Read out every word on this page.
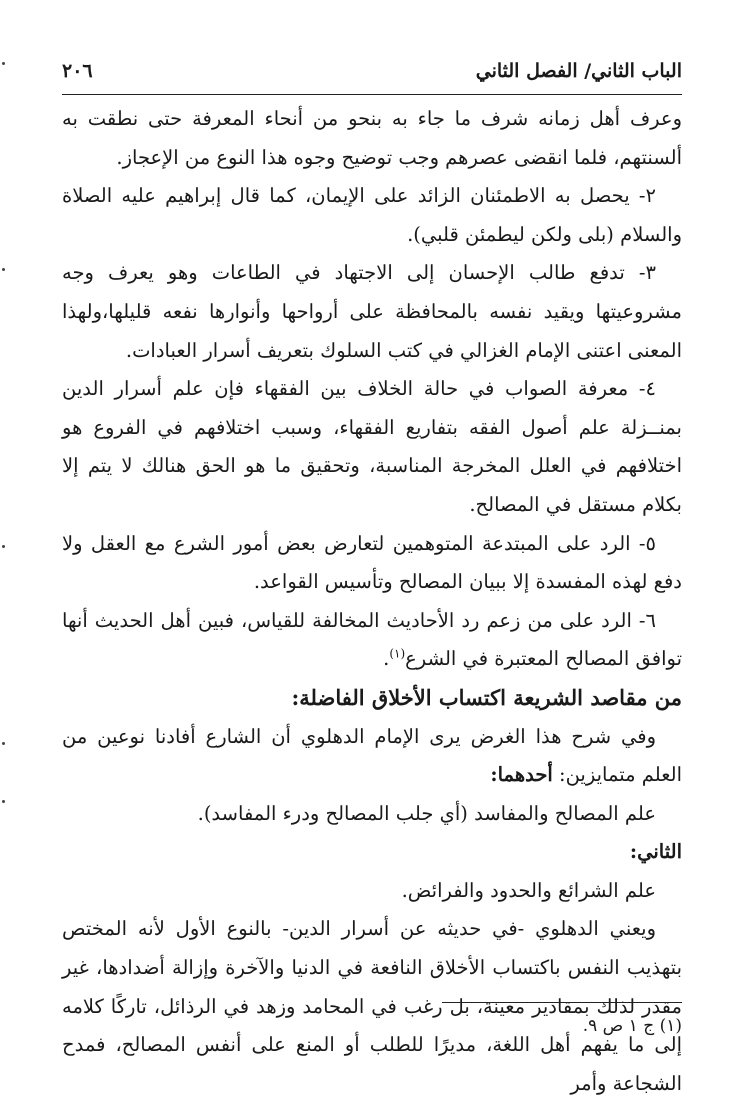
الباب الثاني/ الفصل الثاني
٢٠٦

وعرف أهل زمانه شرف ما جاء به بنحو من أنحاء المعرفة حتى نطقت به ألسنتهم، فلما انقضى عصرهم وجب توضيح وجوه هذا النوع من الإعجاز.

٢- يحصل به الاطمئنان الزائد على الإيمان، كما قال إبراهيم عليه الصلاة والسلام (بلى ولكن ليطمئن قلبي).

٣- تدفع طالب الإحسان إلى الاجتهاد في الطاعات وهو يعرف وجه مشروعيتها ويقيد نفسه بالمحافظة على أرواحها وأنوارها نفعه قليلها،ولهذا المعنى اعتنى الإمام الغزالي في كتب السلوك بتعريف أسرار العبادات.

٤- معرفة الصواب في حالة الخلاف بين الفقهاء فإن علم أسرار الدين بمنــزلة علم أصول الفقه بتفاريع الفقهاء، وسبب اختلافهم في الفروع هو اختلافهم في العلل المخرجة المناسبة، وتحقيق ما هو الحق هنالك لا يتم إلا بكلام مستقل في المصالح.

٥- الرد على المبتدعة المتوهمين لتعارض بعض أمور الشرع مع العقل ولا دفع لهذه المفسدة إلا ببيان المصالح وتأسيس القواعد.

٦- الرد على من زعم رد الأحاديث المخالفة للقياس، فبين أهل الحديث أنها توافق المصالح المعتبرة في الشرع$^{(١)}$.

من مقاصد الشريعة اكتساب الأخلاق الفاضلة:

وفي شرح هذا الغرض يرى الإمام الدهلوي أن الشارع أفادنا نوعين من العلم متمايزين: أحدهما:

علم المصالح والمفاسد (أي جلب المصالح ودرء المفاسد).

الثاني:

علم الشرائع والحدود والفرائض.

ويعني الدهلوي -في حديثه عن أسرار الدين- بالنوع الأول لأنه المختص بتهذيب النفس باكتساب الأخلاق النافعة في الدنيا والآخرة وإزالة أضدادها، غير مقدر لذلك بمقادير معينة، بل رغب في المحامد وزهد في الرذائل، تاركًا كلامه إلى ما يفهم أهل اللغة، مديرًا للطلب أو المنع على أنفس المصالح، فمدح الشجاعة وأمر

(١) ج ١ ص ٩.
